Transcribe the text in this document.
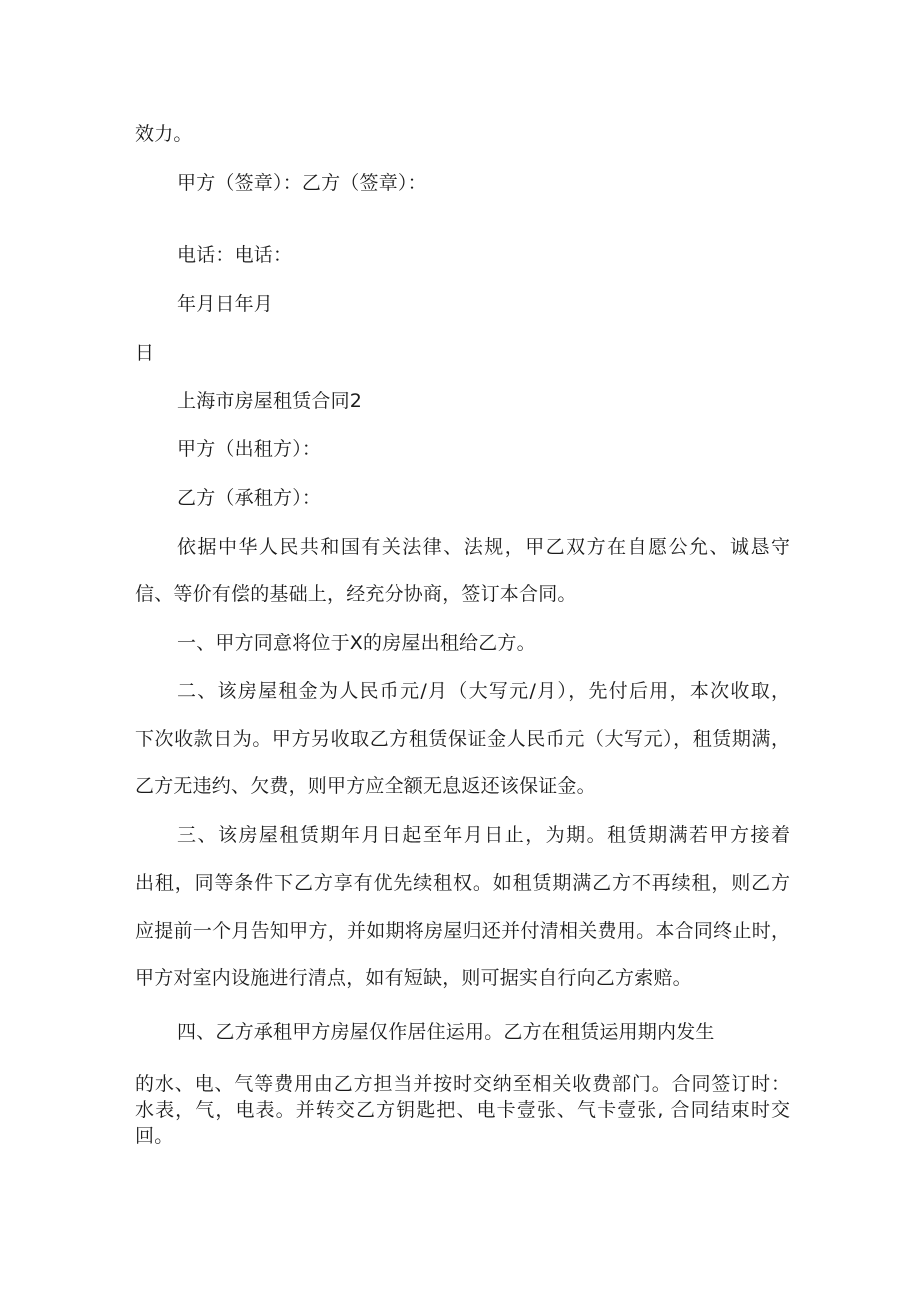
效力。

甲方（签章）：乙方（签章）：

电话：电话：

年月日年月

日

上海市房屋租赁合同2

甲方（出租方）：

乙方（承租方）：

依据中华人民共和国有关法律、法规，甲乙双方在自愿公允、诚恳守

信、等价有偿的基础上，经充分协商，签订本合同。

一、甲方同意将位于X的房屋出租给乙方。

二、该房屋租金为人民币元/月（大写元/月），先付后用，本次收取，

下次收款日为。甲方另收取乙方租赁保证金人民币元（大写元），租赁期满，

乙方无违约、欠费，则甲方应全额无息返还该保证金。

三、该房屋租赁期年月日起至年月日止，为期。租赁期满若甲方接着

出租，同等条件下乙方享有优先续租权。如租赁期满乙方不再续租，则乙方

应提前一个月告知甲方，并如期将房屋归还并付清相关费用。本合同终止时，

甲方对室内设施进行清点，如有短缺，则可据实自行向乙方索赔。

四、乙方承租甲方房屋仅作居住运用。乙方在租赁运用期内发生

的水、电、气等费用由乙方担当并按时交纳至相关收费部门。合同签订时：

水表，气，电表。并转交乙方钥匙把、电卡壹张、气卡壹张, 合同结束时交

回。
